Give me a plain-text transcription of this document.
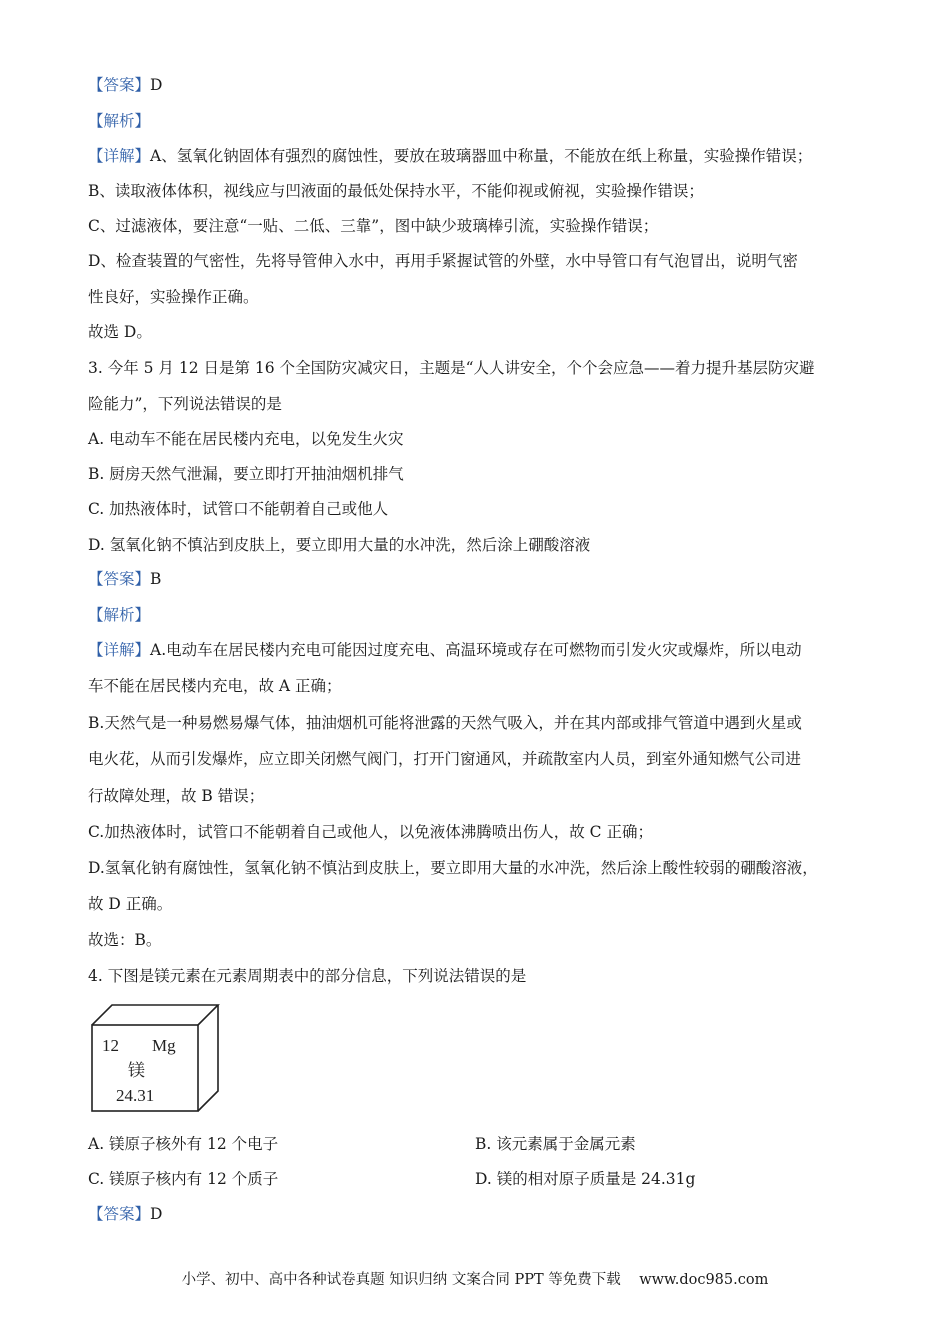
【答案】D
【解析】
【详解】A、氢氧化钠固体有强烈的腐蚀性，要放在玻璃器皿中称量，不能放在纸上称量，实验操作错误；
B、读取液体体积，视线应与凹液面的最低处保持水平，不能仰视或俯视，实验操作错误；
C、过滤液体，要注意“一贴、二低、三靠”，图中缺少玻璃棒引流，实验操作错误；
D、检查装置的气密性，先将导管伸入水中，再用手紧握试管的外壁，水中导管口有气泡冒出，说明气密
性良好，实验操作正确。
故选 D。
3. 今年 5 月 12 日是第 16 个全国防灾减灾日，主题是“人人讲安全，个个会应急——着力提升基层防灾避
险能力”，下列说法错误的是
A. 电动车不能在居民楼内充电，以免发生火灾
B. 厨房天然气泄漏，要立即打开抽油烟机排气
C. 加热液体时，试管口不能朝着自己或他人
D. 氢氧化钠不慎沾到皮肤上，要立即用大量的水冲洗，然后涂上硼酸溶液
【答案】B
【解析】
【详解】A.电动车在居民楼内充电可能因过度充电、高温环境或存在可燃物而引发火灾或爆炸，所以电动
车不能在居民楼内充电，故 A 正确；
B.天然气是一种易燃易爆气体，抽油烟机可能将泄露的天然气吸入，并在其内部或排气管道中遇到火星或
电火花，从而引发爆炸，应立即关闭燃气阀门，打开门窗通风，并疏散室内人员，到室外通知燃气公司进
行故障处理，故 B 错误；
C.加热液体时，试管口不能朝着自己或他人，以免液体沸腾喷出伤人，故 C 正确；
D.氢氧化钠有腐蚀性，氢氧化钠不慎沾到皮肤上，要立即用大量的水冲洗，然后涂上酸性较弱的硼酸溶液，
故 D 正确。
故选：B。
4. 下图是镁元素在元素周期表中的部分信息，下列说法错误的是
12 Mg
镁
24.31
A. 镁原子核外有 12 个电子	B. 该元素属于金属元素
C. 镁原子核内有 12 个质子	D. 镁的相对原子质量是 24.31g
【答案】D
小学、初中、高中各种试卷真题 知识归纳 文案合同 PPT 等免费下载 www.doc985.com
